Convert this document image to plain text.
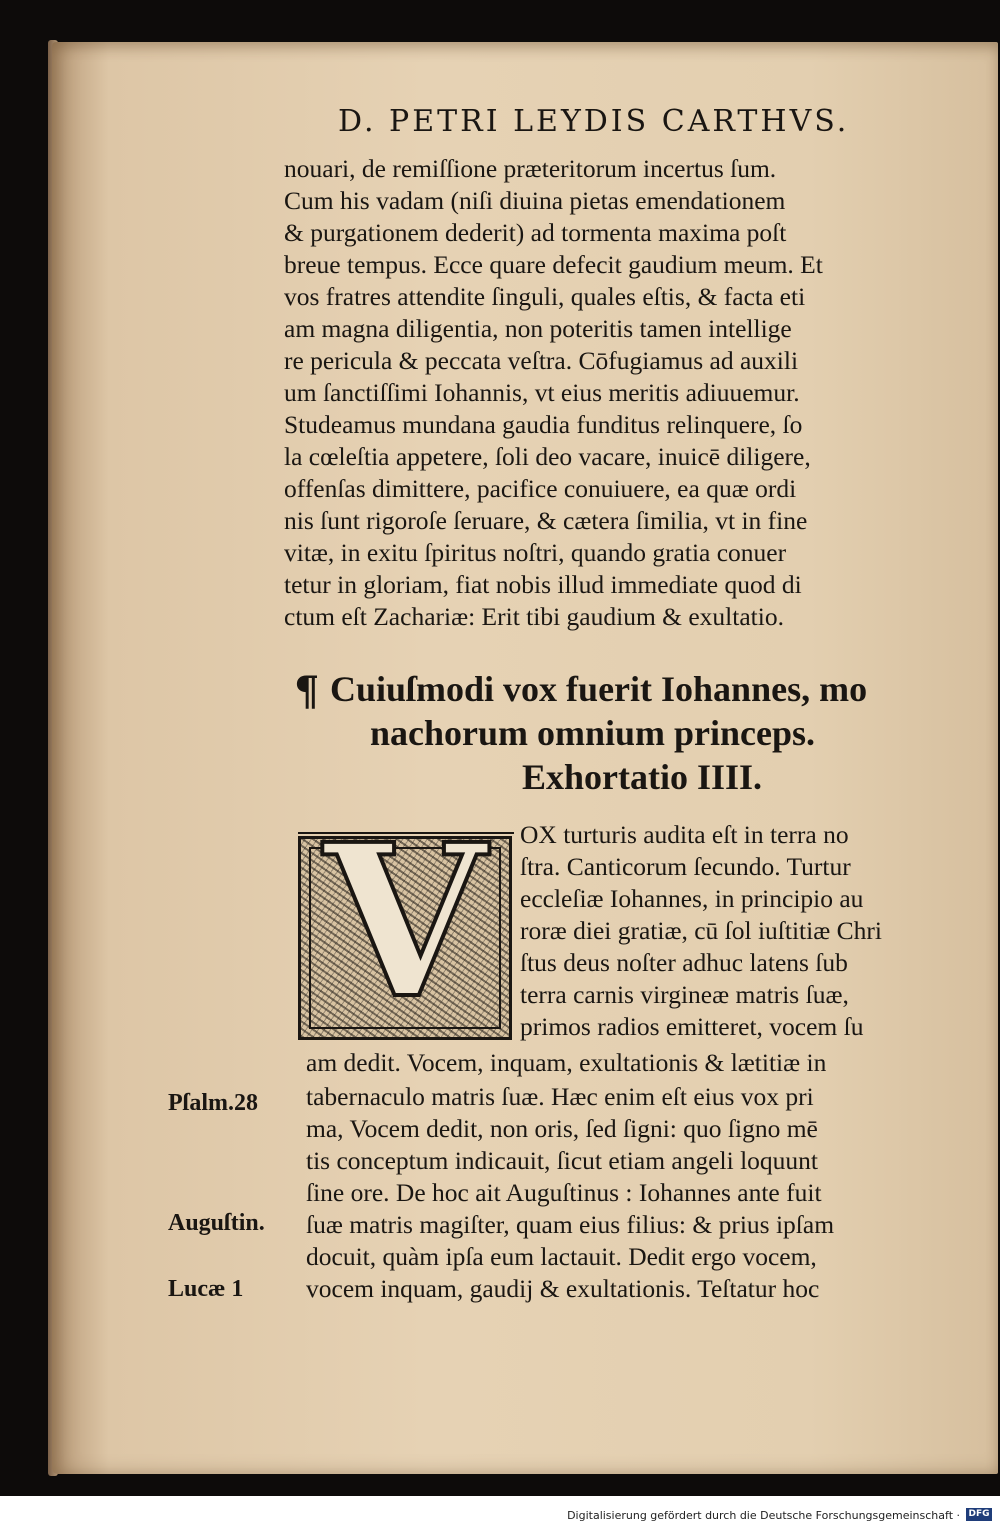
D. PETRI LEYDIS CARTHVS.
nouari, de remiſſione præteritorum incertus ſum.
Cum his vadam (niſi diuina pietas emendationem
& purgationem dederit) ad tormenta maxima poſt
breue tempus. Ecce quare defecit gaudium meum. Et
vos fratres attendite ſinguli, quales eſtis, & facta eti
am magna diligentia, non poteritis tamen intellige
re pericula & peccata veſtra. Cōfugiamus ad auxili
um ſanctiſſimi Iohannis, vt eius meritis adiuuemur.
Studeamus mundana gaudia funditus relinquere, ſo
la cœleſtia appetere, ſoli deo vacare, inuicē diligere,
offenſas dimittere, pacifice conuiuere, ea quæ ordi
nis ſunt rigoroſe ſeruare, & cætera ſimilia, vt in fine
vitæ, in exitu ſpiritus noſtri, quando gratia conuer
tetur in gloriam, fiat nobis illud immediate quod di
ctum eſt Zachariæ: Erit tibi gaudium & exultatio.
¶ Cuiuſmodi vox fuerit Iohannes, mo
nachorum omnium princeps.
Exhortatio IIII.
V	OX turturis audita eſt in terra no
ſtra. Canticorum ſecundo. Turtur
eccleſiæ Iohannes, in principio au
roræ diei gratiæ, cū ſol iuſtitiæ Chri
ſtus deus noſter adhuc latens ſub
terra carnis virgineæ matris ſuæ,
primos radios emitteret, vocem ſu
am dedit. Vocem, inquam, exultationis & lætitiæ in
tabernaculo matris ſuæ. Hæc enim eſt eius vox pri
ma, Vocem dedit, non oris, ſed ſigni: quo ſigno mē
tis conceptum indicauit, ſicut etiam angeli loquunt
ſine ore. De hoc ait Auguſtinus : Iohannes ante fuit
ſuæ matris magiſter, quam eius filius: & prius ipſam
docuit, quàm ipſa eum lactauit. Dedit ergo vocem,
vocem inquam, gaudij & exultationis. Teſtatur hoc
Pſalm.28
Auguſtin.
Lucæ 1
Digitalisierung gefördert durch die Deutsche Forschungsgemeinschaft · DFG
